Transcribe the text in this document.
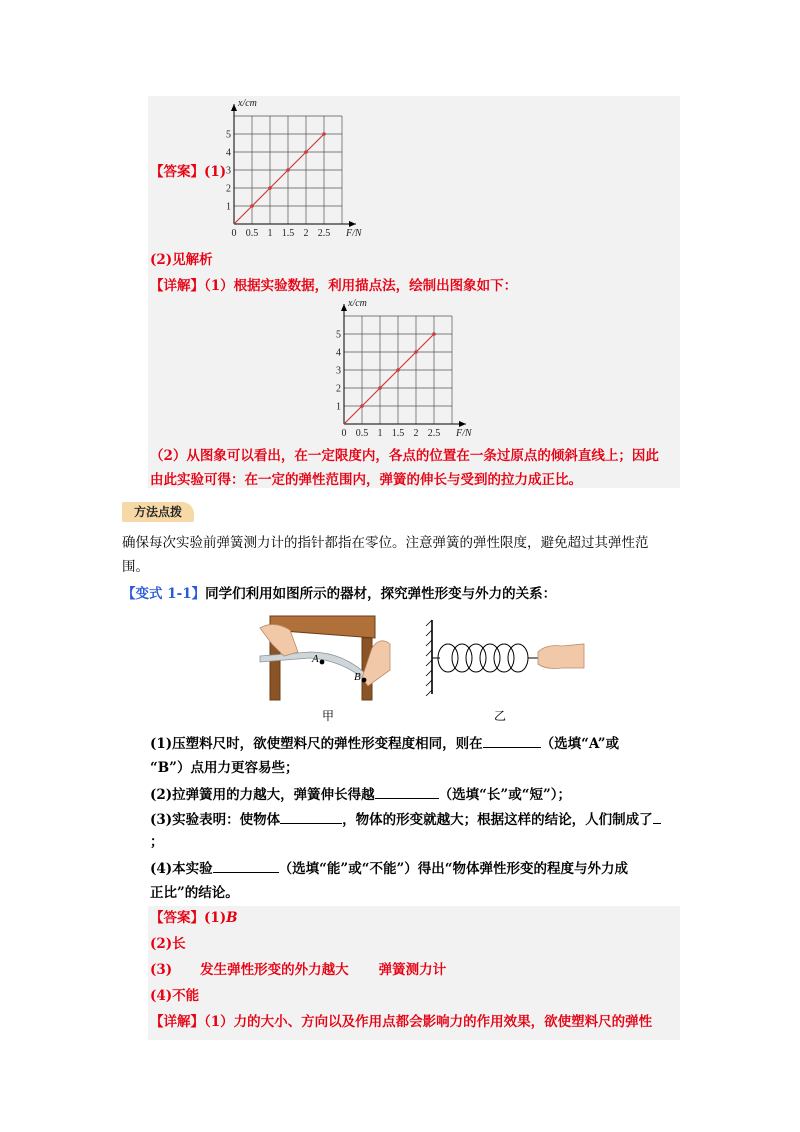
【答案】(1)
0 0.5 1 1.5 2 2.5
1
2
3
4
5
F/N
x/cm
(2)见解析
【详解】（1）根据实验数据，利用描点法，绘制出图象如下：
0 0.5 1 1.5 2 2.5
1
2
3
4
5
F/N
x/cm
（2）从图象可以看出，在一定限度内，各点的位置在一条过原点的倾斜直线上；因此
由此实验可得：在一定的弹性范围内，弹簧的伸长与受到的拉力成正比。
方法点拨
确保每次实验前弹簧测力计的指针都指在零位。注意弹簧的弹性限度，避免超过其弹性范
围。
【变式 1-1】同学们利用如图所示的器材，探究弹性形变与外力的关系：
A
B
甲	乙
(1)压塑料尺时，欲使塑料尺的弹性形变程度相同，则在	（选填“A”或
“B”）点用力更容易些；
(2)拉弹簧用的力越大，弹簧伸长得越	（选填“长”或“短”）；
(3)实验表明：使物体	，物体的形变就越大；根据这样的结论，人们制成了
；
(4)本实验	（选填“能”或“不能”）得出“物体弹性形变的程度与外力成
正比”的结论。
【答案】(1)B
(2)长
(3) 发生弹性形变的外力越大 弹簧测力计
(4)不能
【详解】（1）力的大小、方向以及作用点都会影响力的作用效果，欲使塑料尺的弹性
